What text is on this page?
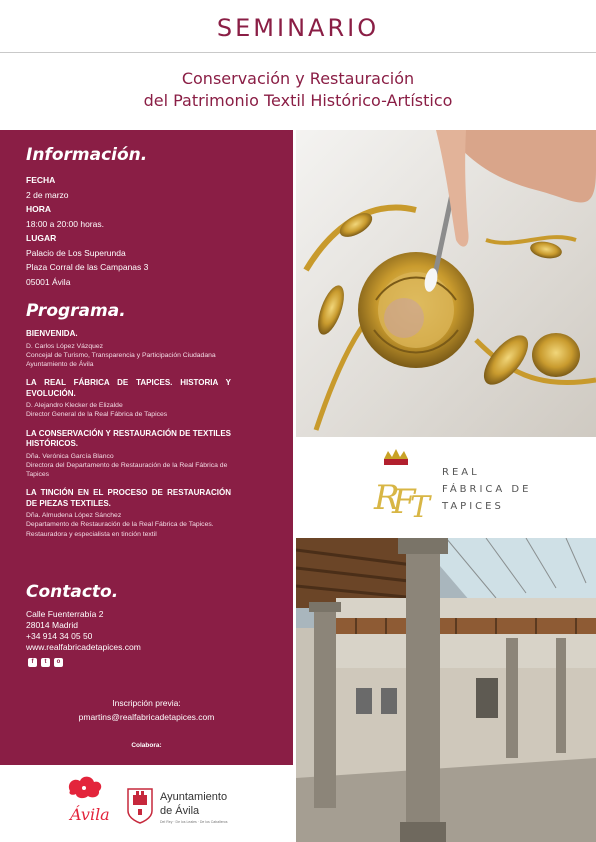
SEMINARIO
Conservación y Restauración
del Patrimonio Textil Histórico-Artístico
Información.
FECHA
2 de marzo
HORA
18:00 a 20:00 horas.
LUGAR
Palacio de Los Superunda
Plaza Corral de las Campanas 3
05001 Ávila
Programa.
BIENVENIDA.
D. Carlos López Vázquez
Concejal de Turismo, Transparencia y Participación Ciudadana
Ayuntamiento de Ávila
LA REAL FÁBRICA DE TAPICES. HISTORIA Y EVOLUCIÓN.
D. Alejandro Klecker de Elizalde
Director General de la Real Fábrica de Tapices
LA CONSERVACIÓN Y RESTAURACIÓN DE TEXTILES HISTÓRICOS.
Dña. Verónica García Blanco
Directora del Departamento de Restauración de la Real Fábrica de Tapices
LA TINCIÓN EN EL PROCESO DE RESTAURACIÓN DE PIEZAS TEXTILES.
Dña. Almudena López Sánchez
Departamento de Restauración de la Real Fábrica de Tapices. Restauradora y especialista en tinción textil
Contacto.
Calle Fuenterrabía 2
28014 Madrid
+34 914 34 05 50
www.realfabricadetapices.com
f	t	o
Inscripción previa:
pmartins@realfabricadetapices.com
Colabora:
Ávila
Ayuntamiento
de Ávila
Del Rey · De los Leales · De los Caballeros
R
F
T
REAL
FÁBRICA DE
TAPICES
